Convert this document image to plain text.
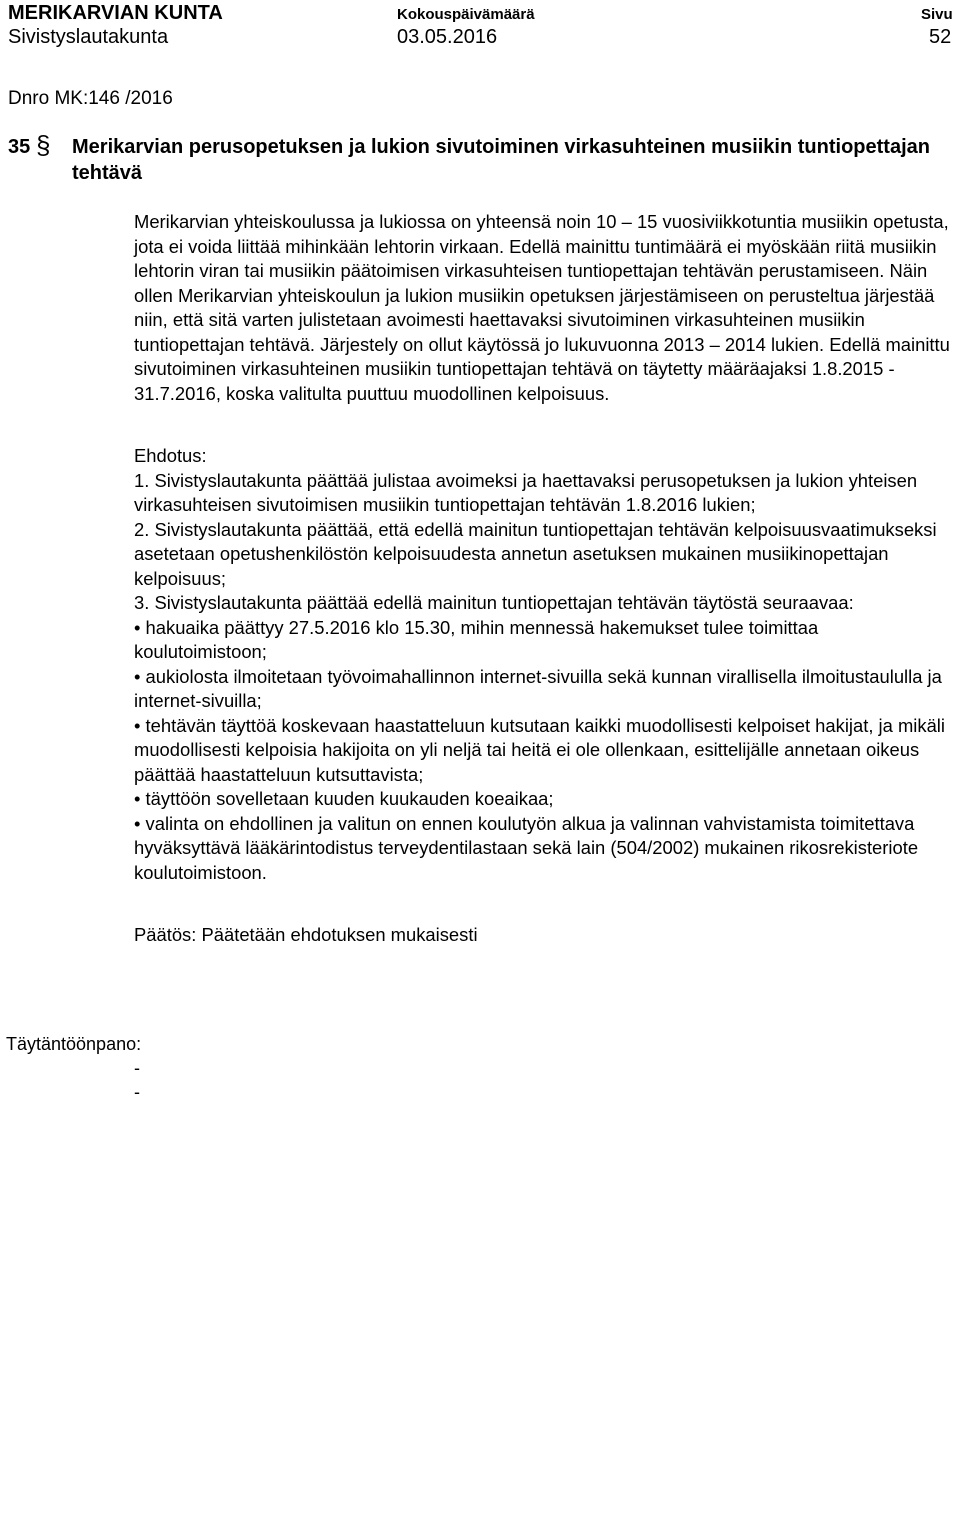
MERIKARVIAN KUNTA
Sivistyslautakunta
Kokouspäivämäärä
03.05.2016
Sivu
52
Dnro MK:146 /2016
35 § Merikarvian perusopetuksen ja lukion sivutoiminen virkasuhteinen musiikin tuntiopettajan tehtävä

Merikarvian yhteiskoulussa ja lukiossa on yhteensä noin 10 – 15 vuosiviikkotuntia musiikin opetusta, jota ei voida liittää mihinkään lehtorin virkaan. Edellä mainittu tuntimäärä ei myöskään riitä musiikin lehtorin viran tai musiikin päätoimisen virkasuhteisen tuntiopettajan tehtävän perustamiseen. Näin ollen Merikarvian yhteiskoulun ja lukion musiikin opetuksen järjestämiseen on perusteltua järjestää niin, että sitä varten julistetaan avoimesti haettavaksi sivutoiminen virkasuhteinen musiikin tuntiopettajan tehtävä. Järjestely on ollut käytössä jo lukuvuonna 2013 – 2014 lukien. Edellä mainittu sivutoiminen virkasuhteinen musiikin tuntiopettajan tehtävä on täytetty määräajaksi 1.8.2015 - 31.7.2016, koska valitulta puuttuu muodollinen kelpoisuus.

Ehdotus:

1. Sivistyslautakunta päättää julistaa avoimeksi ja haettavaksi perusopetuksen ja lukion yhteisen virkasuhteisen sivutoimisen musiikin tuntiopettajan tehtävän 1.8.2016 lukien;

2. Sivistyslautakunta päättää, että edellä mainitun tuntiopettajan tehtävän kelpoisuusvaatimukseksi asetetaan opetushenkilöstön kelpoisuudesta annetun asetuksen mukainen musiikinopettajan kelpoisuus;

3. Sivistyslautakunta päättää edellä mainitun tuntiopettajan tehtävän täytöstä seuraavaa:

• hakuaika päättyy 27.5.2016 klo 15.30, mihin mennessä hakemukset tulee toimittaa koulutoimistoon;

• aukiolosta ilmoitetaan työvoimahallinnon internet-sivuilla sekä kunnan virallisella ilmoitustaululla ja internet-sivuilla;

• tehtävän täyttöä koskevaan haastatteluun kutsutaan kaikki muodollisesti kelpoiset hakijat, ja mikäli muodollisesti kelpoisia hakijoita on yli neljä tai heitä ei ole ollenkaan, esittelijälle annetaan oikeus päättää haastatteluun kutsuttavista;

• täyttöön sovelletaan kuuden kuukauden koeaikaa;

• valinta on ehdollinen ja valitun on ennen koulutyön alkua ja valinnan vahvistamista toimitettava hyväksyttävä lääkärintodistus terveydentilastaan sekä lain (504/2002) mukainen rikosrekisteriote koulutoimistoon.

Päätös: Päätetään ehdotuksen mukaisesti

Täytäntöönpano:
-
-
